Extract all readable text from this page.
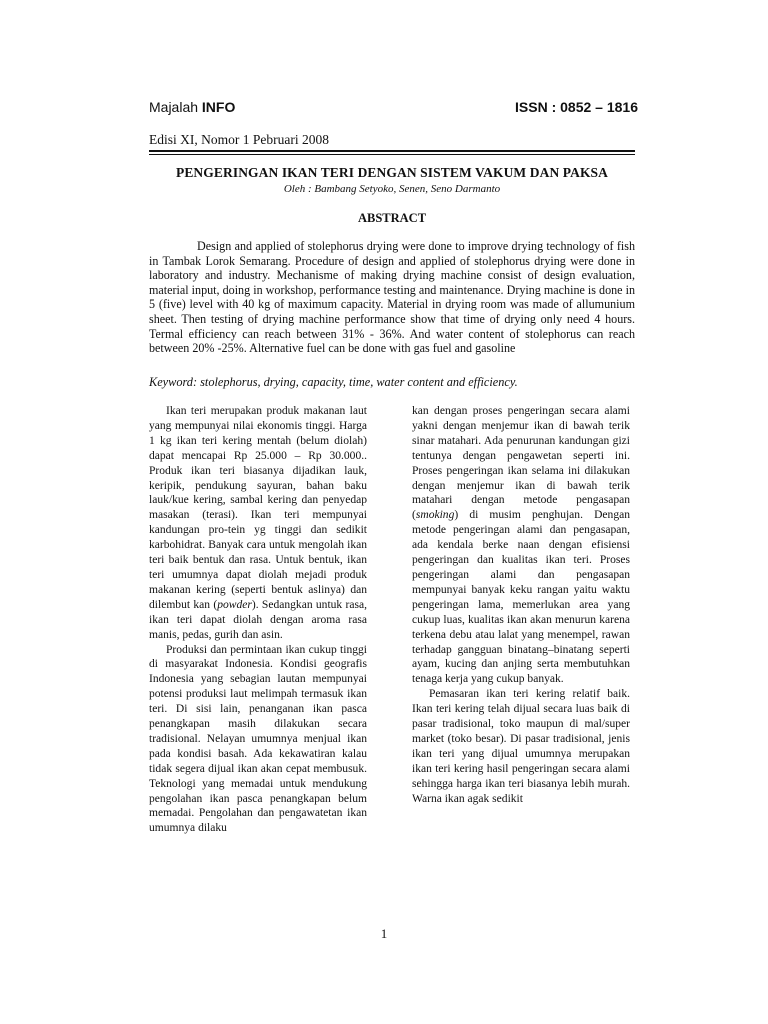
Majalah INFO	ISSN : 0852 – 1816
Edisi XI, Nomor 1 Pebruari 2008
PENGERINGAN IKAN TERI DENGAN SISTEM VAKUM DAN PAKSA
Oleh : Bambang Setyoko, Senen, Seno Darmanto
ABSTRACT

Design and applied of stolephorus drying were done to improve drying technology of fish in Tambak Lorok Semarang. Procedure of design and applied of stolephorus drying were done in laboratory and industry. Mechanisme of making drying machine consist of design evaluation, material input, doing in workshop, performance testing and maintenance. Drying machine is done in 5 (five) level with 40 kg of maximum capacity. Material in drying room was made of allumunium sheet. Then testing of drying machine performance show that time of drying only need 4 hours. Termal efficiency can reach between 31% - 36%. And water content of stolephorus can reach between 20% -25%. Alternative fuel can be done with gas fuel and gasoline

Keyword: stolephorus, drying, capacity, time, water content and efficiency.

Ikan teri merupakan produk makanan laut yang mempunyai nilai ekonomis tinggi. Harga 1 kg ikan teri kering mentah (belum diolah) dapat mencapai Rp 25.000 – Rp 30.000.. Produk ikan teri biasanya dijadikan lauk, keripik, pendukung sayuran, bahan baku lauk/kue kering, sambal kering dan penyedap masakan (terasi). Ikan teri mempunyai kandungan pro-tein yg tinggi dan sedikit karbohidrat. Banyak cara untuk mengolah ikan teri baik bentuk dan rasa. Untuk bentuk, ikan teri umumnya dapat diolah mejadi produk makanan kering (seperti bentuk aslinya) dan dilembut kan (powder). Sedangkan untuk rasa, ikan teri dapat diolah dengan aroma rasa manis, pedas, gurih dan asin.

Produksi dan permintaan ikan cukup tinggi di masyarakat Indonesia. Kondisi geografis Indonesia yang sebagian lautan mempunyai potensi produksi laut melimpah termasuk ikan teri. Di sisi lain, penanganan ikan pasca penangkapan masih dilakukan secara tradisional. Nelayan umumnya menjual ikan pada kondisi basah. Ada kekawatiran kalau tidak segera dijual ikan akan cepat membusuk. Teknologi yang memadai untuk mendukung pengolahan ikan pasca penangkapan belum memadai. Pengolahan dan pengawatetan ikan umumnya dilaku

kan dengan proses pengeringan secara alami yakni dengan menjemur ikan di bawah terik sinar matahari. Ada penurunan kandungan gizi tentunya dengan pengawetan seperti ini. Proses pengeringan ikan selama ini dilakukan dengan menjemur ikan di bawah terik matahari dengan metode pengasapan (smoking) di musim penghujan. Dengan metode pengeringan alami dan pengasapan, ada kendala berke naan dengan efisiensi pengeringan dan kualitas ikan teri. Proses pengeringan alami dan pengasapan mempunyai banyak keku rangan yaitu waktu pengeringan lama, memerlukan area yang cukup luas, kualitas ikan akan menurun karena terkena debu atau lalat yang menempel, rawan terhadap gangguan binatang–binatang seperti ayam, kucing dan anjing serta membutuhkan tenaga kerja yang cukup banyak.

Pemasaran ikan teri kering relatif baik. Ikan teri kering telah dijual secara luas baik di pasar tradisional, toko maupun di mal/super market (toko besar). Di pasar tradisional, jenis ikan teri yang dijual umumnya merupakan ikan teri kering hasil pengeringan secara alami sehingga harga ikan teri biasanya lebih murah. Warna ikan agak sedikit

1
